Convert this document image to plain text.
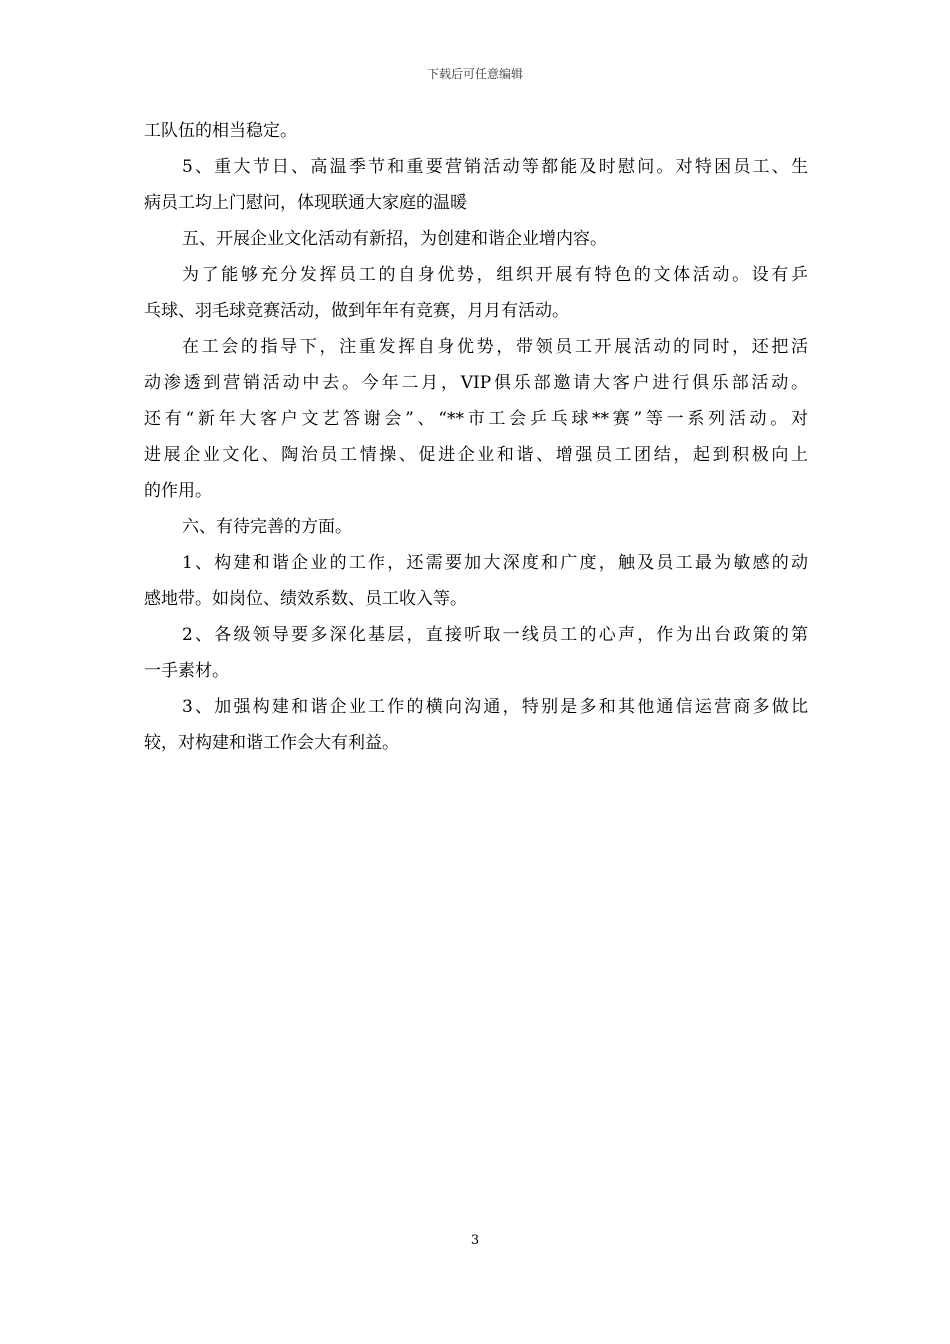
下载后可任意编辑
工队伍的相当稳定。
5、重大节日、高温季节和重要营销活动等都能及时慰问。对特困员工、生
病员工均上门慰问，体现联通大家庭的温暖
五、开展企业文化活动有新招，为创建和谐企业增内容。
为了能够充分发挥员工的自身优势，组织开展有特色的文体活动。设有乒
乓球、羽毛球竞赛活动，做到年年有竞赛，月月有活动。
在工会的指导下，注重发挥自身优势，带领员工开展活动的同时，还把活
动渗透到营销活动中去。今年二月，VIP俱乐部邀请大客户进行俱乐部活动。
还有“新年大客户文艺答谢会”、“**市工会乒乓球**赛”等一系列活动。对
进展企业文化、陶治员工情操、促进企业和谐、增强员工团结，起到积极向上
的作用。
六、有待完善的方面。
1、构建和谐企业的工作，还需要加大深度和广度，触及员工最为敏感的动
感地带。如岗位、绩效系数、员工收入等。
2、各级领导要多深化基层，直接听取一线员工的心声，作为出台政策的第
一手素材。
3、加强构建和谐企业工作的横向沟通，特别是多和其他通信运营商多做比
较，对构建和谐工作会大有利益。
3
